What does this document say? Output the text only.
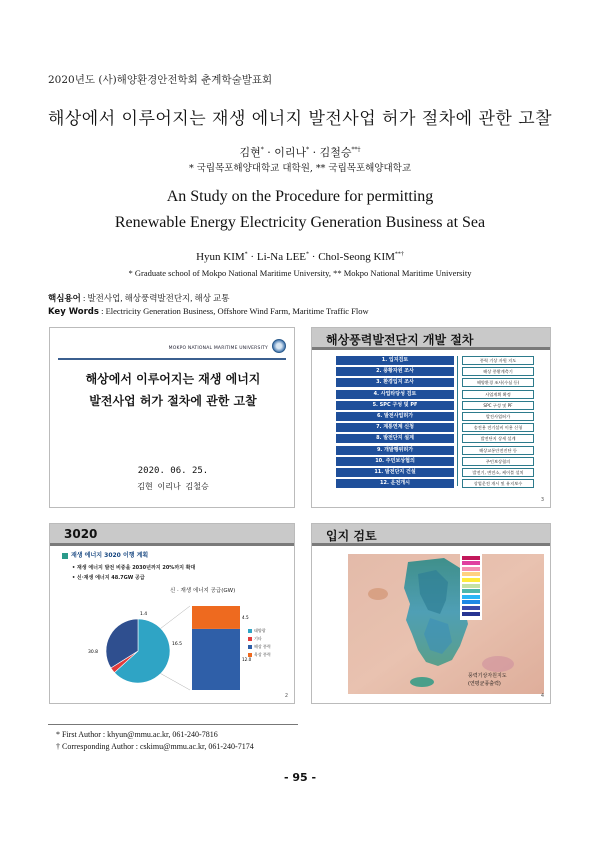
2020년도 (사)해양환경안전학회 춘계학술발표회
해상에서 이루어지는 재생 에너지 발전사업 허가 절차에 관한 고찰
김현* · 이리나* · 김철승**†
* 국립목포해양대학교 대학원, ** 국립목포해양대학교
An Study on the Procedure for permitting
Renewable Energy Electricity Generation Business at Sea
Hyun KIM* · Li-Na LEE* · Chol-Seong KIM**†
* Graduate school of Mokpo National Maritime University, ** Mokpo National Maritime University
핵심용어 : 발전사업, 해상풍력발전단지, 해상 교통
Key Words : Electricity Generation Business, Offshore Wind Farm, Maritime Traffic Flow
MOKPO NATIONAL MARITIME UNIVERSITY
해상에서 이루어지는 재생 에너지
발전사업 허가 절차에 관한 고찰
2020. 06. 25.
김현 이리나 김철승
해상풍력발전단지 개발 절차
1. 입지검토	풍력 기상 자원 지도
2. 풍황자원 조사	해상 풍황계측기
3. 환경입지 조사	해양환경 조사(수심 등)
4. 사업타당성 검토	사업계획 확정
5. SPC 구성 및 PF	SPC 구성 및 PF
6. 발전사업허가	발전사업허가
7. 계통연계 신청	송전용 전기설비 이용 신청
8. 발전단지 설계	발전단지 상세 설계
9. 개발행위허가	해상교통안전진단 등
10. 주민보상협의	주민보상협의
11. 발전단지 건설	발전기, 변전소, 케이블 설치
12. 운전개시	상업운전 개시 및 유지보수
3
3020
재생 에너지 3020 이행 계획
• 재생 에너지 발전 비중을 2030년까지 20%까지 확대
• 신·재생 에너지 48.7GW 공급
신 · 재생 에너지 공급(GW)
30.8
1.4
16.5
12.0
4.5
태양광
기타
해상 풍력
육상 풍력
2
입지 검토
풍력기상자원지도
(연평균풍출력)
4
* First Author : khyun@mmu.ac.kr, 061-240-7816
† Corresponding Author : cskimu@mmu.ac.kr, 061-240-7174
- 95 -
